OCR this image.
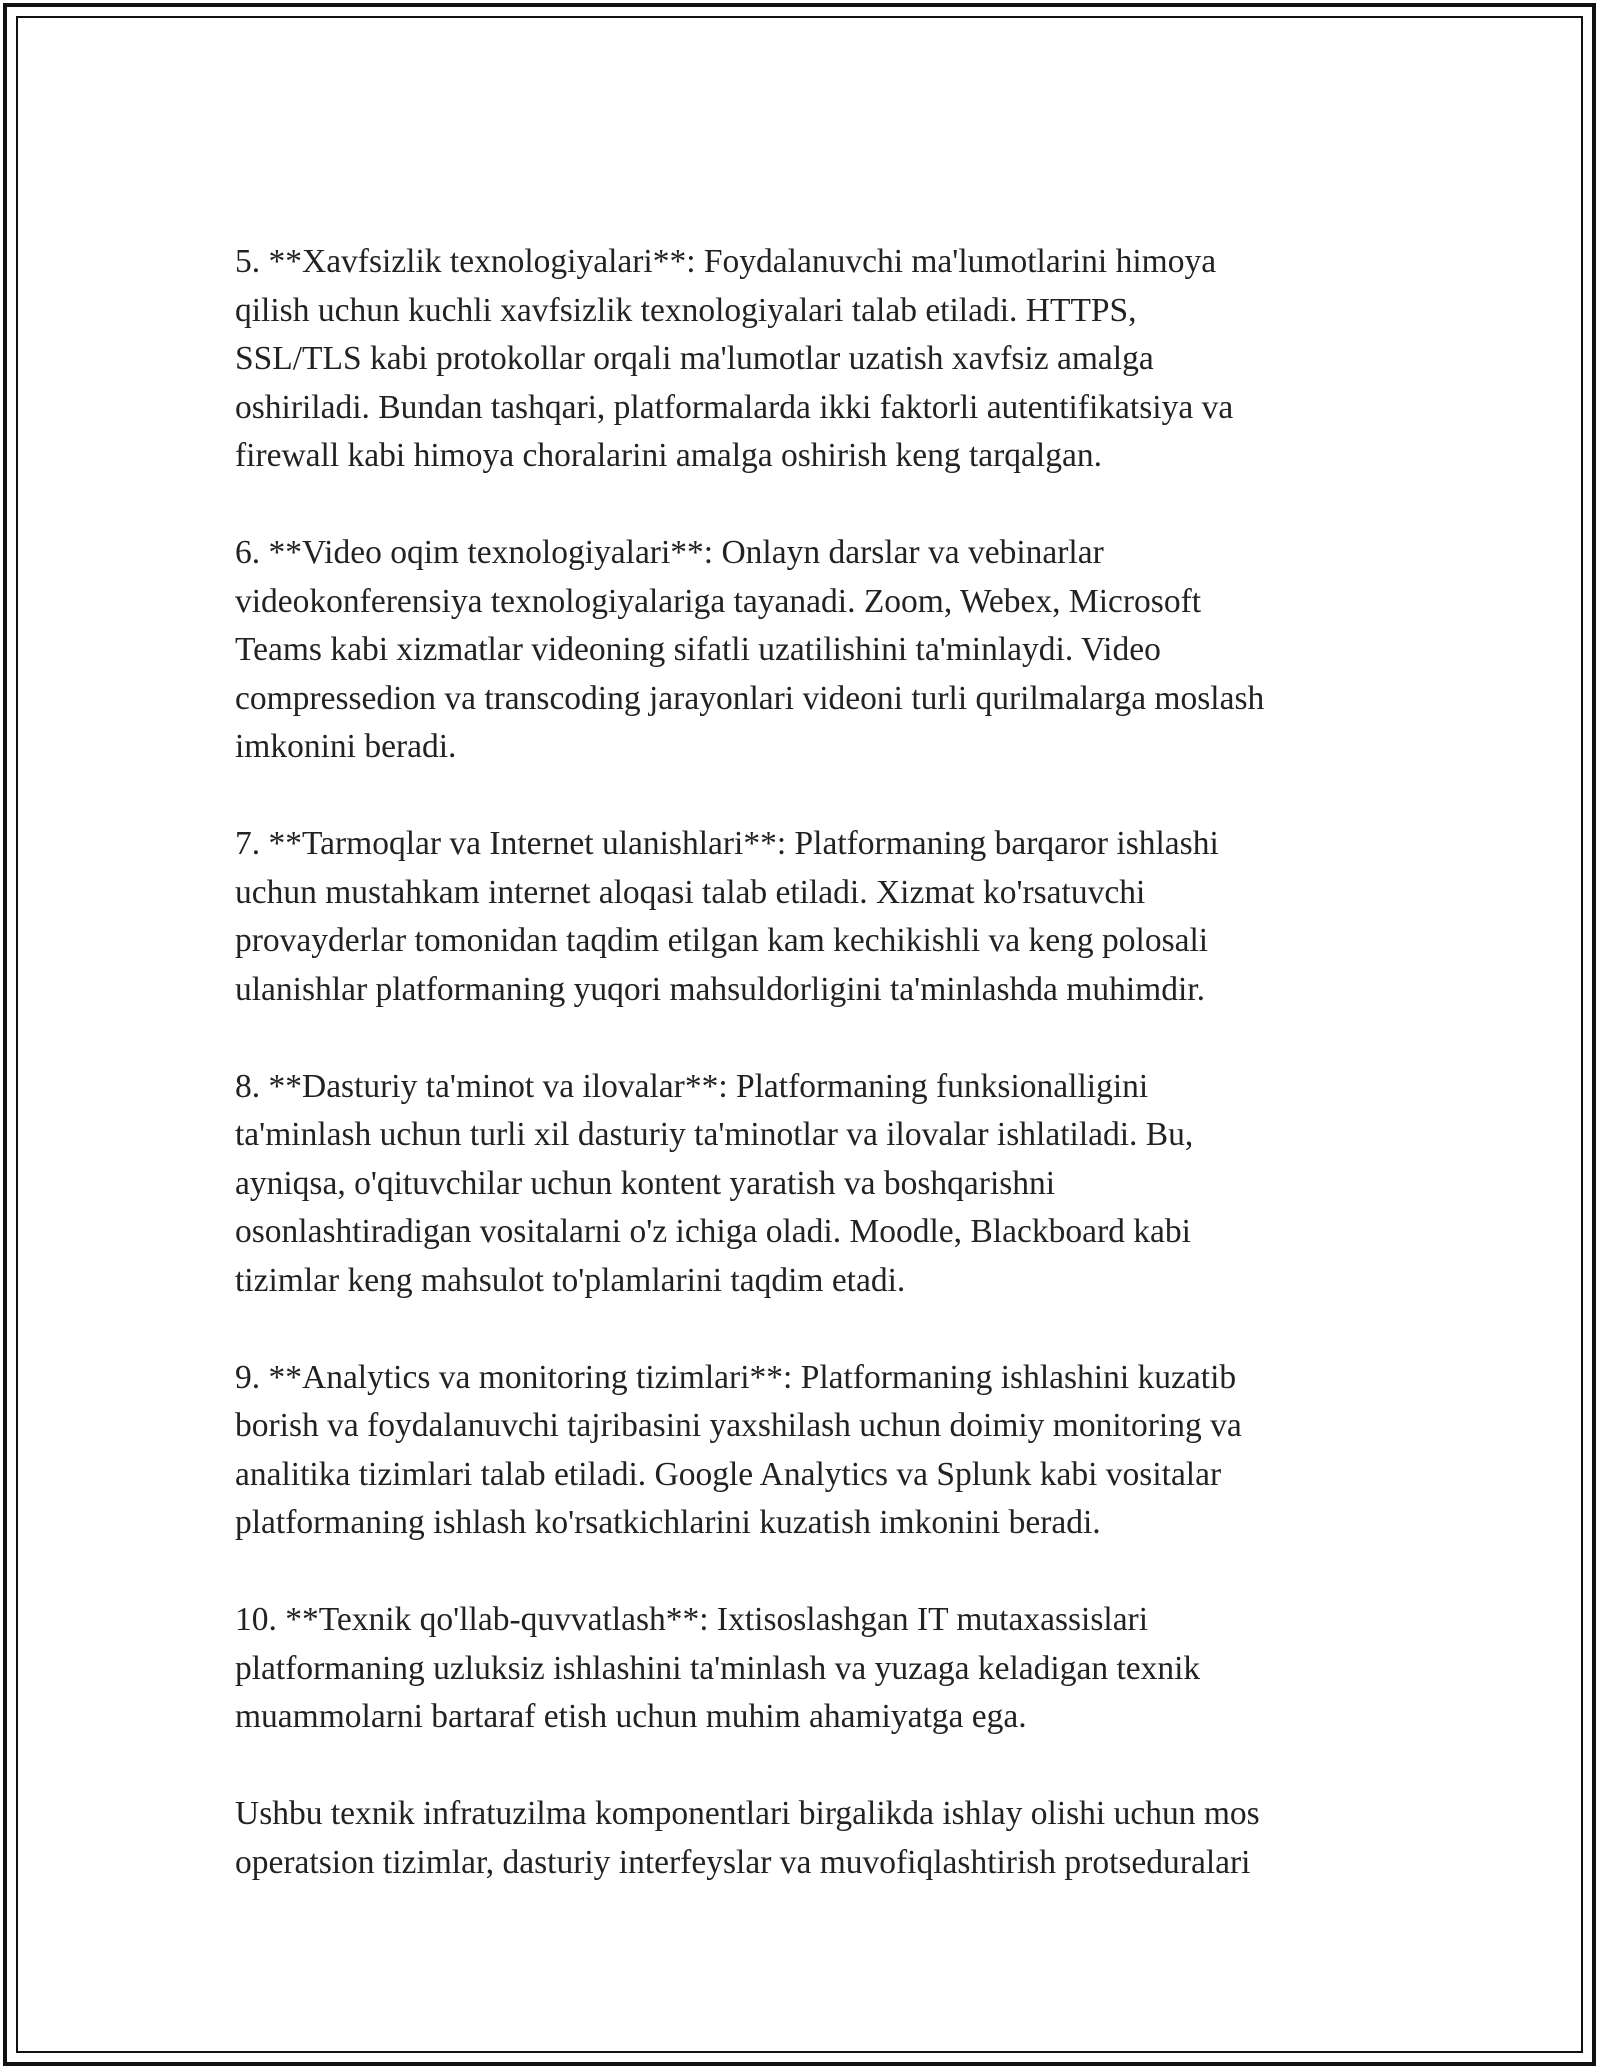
5. **Xavfsizlik texnologiyalari**: Foydalanuvchi ma'lumotlarini himoya
qilish uchun kuchli xavfsizlik texnologiyalari talab etiladi. HTTPS,
SSL/TLS kabi protokollar orqali ma'lumotlar uzatish xavfsiz amalga
oshiriladi. Bundan tashqari, platformalarda ikki faktorli autentifikatsiya va
firewall kabi himoya choralarini amalga oshirish keng tarqalgan.

6. **Video oqim texnologiyalari**: Onlayn darslar va vebinarlar
videokonferensiya texnologiyalariga tayanadi. Zoom, Webex, Microsoft
Teams kabi xizmatlar videoning sifatli uzatilishini ta'minlaydi. Video
compressedion va transcoding jarayonlari videoni turli qurilmalarga moslash
imkonini beradi.

7. **Tarmoqlar va Internet ulanishlari**: Platformaning barqaror ishlashi
uchun mustahkam internet aloqasi talab etiladi. Xizmat ko'rsatuvchi
provayderlar tomonidan taqdim etilgan kam kechikishli va keng polosali
ulanishlar platformaning yuqori mahsuldorligini ta'minlashda muhimdir.

8. **Dasturiy ta'minot va ilovalar**: Platformaning funksionalligini
ta'minlash uchun turli xil dasturiy ta'minotlar va ilovalar ishlatiladi. Bu,
ayniqsa, o'qituvchilar uchun kontent yaratish va boshqarishni
osonlashtiradigan vositalarni o'z ichiga oladi. Moodle, Blackboard kabi
tizimlar keng mahsulot to'plamlarini taqdim etadi.

9. **Analytics va monitoring tizimlari**: Platformaning ishlashini kuzatib
borish va foydalanuvchi tajribasini yaxshilash uchun doimiy monitoring va
analitika tizimlari talab etiladi. Google Analytics va Splunk kabi vositalar
platformaning ishlash ko'rsatkichlarini kuzatish imkonini beradi.

10. **Texnik qo'llab-quvvatlash**: Ixtisoslashgan IT mutaxassislari
platformaning uzluksiz ishlashini ta'minlash va yuzaga keladigan texnik
muammolarni bartaraf etish uchun muhim ahamiyatga ega.

Ushbu texnik infratuzilma komponentlari birgalikda ishlay olishi uchun mos
operatsion tizimlar, dasturiy interfeyslar va muvofiqlashtirish protseduralari
